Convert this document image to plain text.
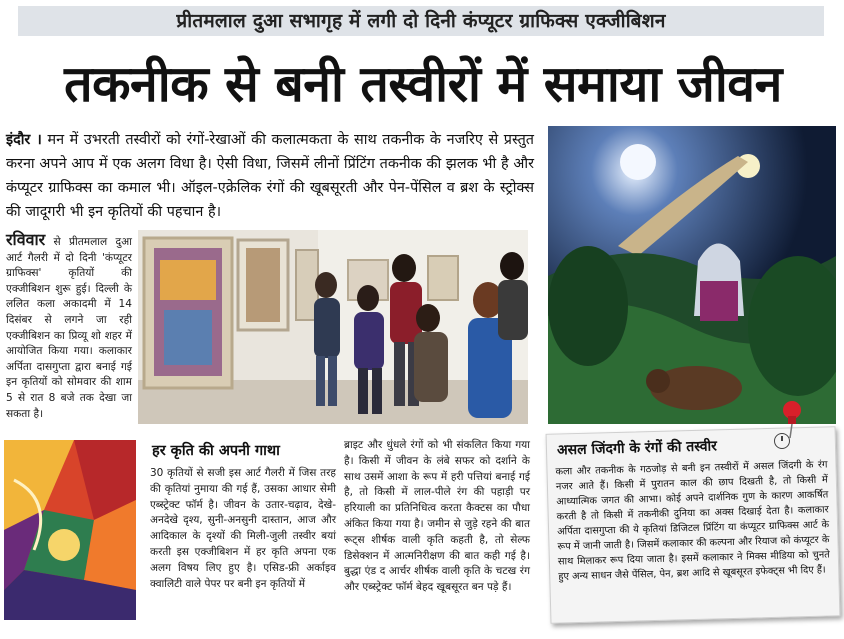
प्रीतमलाल दुआ सभागृह में लगी दो दिनी कंप्यूटर ग्राफिक्स एक्जीबिशन
तकनीक से बनी तस्वीरों में समाया जीवन
इंदौर । मन में उभरती तस्वीरों को रंगों-रेखाओं की कलात्मकता के साथ तकनीक के नजरिए से प्रस्तुत करना अपने आप में एक अलग विधा है। ऐसी विधा, जिसमें लीनों प्रिंटिंग तकनीक की झलक भी है और कंप्यूटर ग्राफिक्स का कमाल भी। ऑइल-एक्रेलिक रंगों की खूबसूरती और पेन-पेंसिल व ब्रश के स्ट्रोक्स की जादूगरी भी इन कृतियों की पहचान है।
रविवार से प्रीतमलाल दुआ आर्ट गैलरी में दो दिनी 'कंप्यूटर ग्राफिक्स' कृतियों की एक्जीबिशन शुरू हुई। दिल्ली के ललित कला अकादमी में 14 दिसंबर से लगने जा रही एक्जीबिशन का प्रिव्यू शो शहर में आयोजित किया गया। कलाकार अर्पिता दासगुप्ता द्वारा बनाई गई इन कृतियों को सोमवार की शाम 5 से रात 8 बजे तक देखा जा सकता है।
हर कृति की अपनी गाथा
30 कृतियों से सजी इस आर्ट गैलरी में जिस तरह की कृतियां नुमाया की गई हैं, उसका आधार सेमी एब्स्ट्रेक्ट फॉर्म है। जीवन के उतार-चढ़ाव, देखे-अनदेखे दृश्य, सुनी-अनसुनी दास्तान, आज और आदिकाल के दृश्यों की मिली-जुली तस्वीर बयां करती इस एक्जीबिशन में हर कृति अपना एक अलग विषय लिए हुए है। एसिड-फ्री अर्काइव क्वालिटी वाले पेपर पर बनी इन कृतियों में
ब्राइट और धुंधले रंगों को भी संकलित किया गया है। किसी में जीवन के लंबे सफर को दर्शाने के साथ उसमें आशा के रूप में हरी पत्तियां बनाई गई है, तो किसी में लाल-पीले रंग की पहाड़ी पर हरियाली का प्रतिनिधित्व करता कैक्टस का पौधा अंकित किया गया है। जमीन से जुड़े रहने की बात रूट्स शीर्षक वाली कृति कहती है, तो सेल्फ डिसेक्शन में आत्मनिरीक्षण की बात कही गई है। बुद्धा एंड द आर्चर शीर्षक वाली कृति के चटख रंग और एब्स्ट्रेक्ट फॉर्म बेहद खूबसूरत बन पड़े हैं।
असल जिंदगी के रंगों की तस्वीर
कला और तकनीक के गठजोड़ से बनी इन तस्वीरों में असल जिंदगी के रंग नजर आते हैं। किसी में पुरातन काल की छाप दिखती है, तो किसी में आध्यात्मिक जगत की आभा। कोई अपने दार्शनिक गुण के कारण आकर्षित करती है तो किसी में तकनीकी दुनिया का अक्स दिखाई देता है। कलाकार अर्पिता दासगुप्ता की ये कृतियां डिजिटल प्रिंटिंग या कंप्यूटर ग्राफिक्स आर्ट के रूप में जानी जाती है। जिसमें कलाकार की कल्पना और रियाज को कंप्यूटर के साथ मिलाकर रूप दिया जाता है। इसमें कलाकार ने मिक्स मीडिया को चुनते हुए अन्य साधन जैसे पेंसिल, पेन, ब्रश आदि से खूबसूरत इफेक्ट्स भी दिए हैं।
